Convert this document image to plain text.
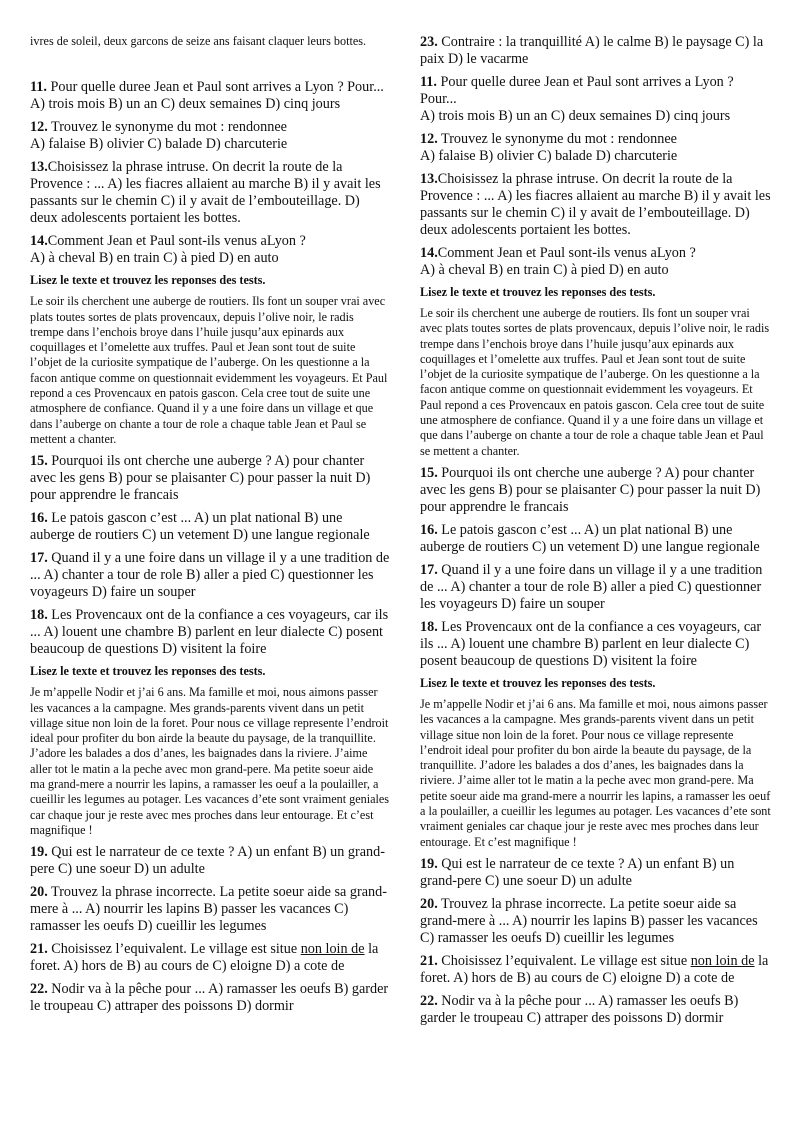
ivres de soleil, deux garcons de seize ans faisant claquer leurs bottes.

11. Pour quelle duree Jean et Paul sont arrives a Lyon ? Pour...
A) trois mois B) un an C) deux semaines D) cinq jours

12. Trouvez le synonyme du mot : rendonnee
A) falaise B) olivier C) balade D) charcuterie

13.Choisissez la phrase intruse. On decrit la route de la Provence : ... A) les fiacres allaient au marche B) il y avait les passants sur le chemin C) il y avait de l’embouteillage. D) deux adolescents portaient les bottes.

14.Comment Jean et Paul sont-ils venus aLyon ?
A) à cheval B) en train C) à pied D) en auto

Lisez le texte et trouvez les reponses des tests.

Le soir ils cherchent une auberge de routiers. Ils font un souper vrai avec plats toutes sortes de plats provencaux, depuis l’olive noir, le radis trempe dans l’enchois broye dans l’huile jusqu’aux epinards aux coquillages et l’omelette aux truffes. Paul et Jean sont tout de suite l’objet de la curiosite sympatique de l’auberge. On les questionne a la facon antique comme on questionnait evidemment les voyageurs. Et Paul repond a ces Provencaux en patois gascon. Cela cree tout de suite une atmosphere de confiance. Quand il y a une foire dans un village et que dans l’auberge on chante a tour de role a chaque table Jean et Paul se mettent a chanter.

15. Pourquoi ils ont cherche une auberge ? A) pour chanter avec les gens B) pour se plaisanter C) pour passer la nuit D) pour apprendre le francais

16. Le patois gascon c’est ... A) un plat national B) une auberge de routiers C) un vetement D) une langue regionale

17. Quand il y a une foire dans un village il y a une tradition de ... A) chanter a tour de role B) aller a pied C) questionner les voyageurs D) faire un souper

18. Les Provencaux ont de la confiance a ces voyageurs, car ils ... A) louent une chambre B) parlent en leur dialecte C) posent beaucoup de questions D) visitent la foire

Lisez le texte et trouvez les reponses des tests.

Je m’appelle Nodir et j’ai 6 ans. Ma famille et moi, nous aimons passer les vacances a la campagne. Mes grands-parents vivent dans un petit village situe non loin de la foret. Pour nous ce village represente l’endroit ideal pour profiter du bon airde la beaute du paysage, de la tranquillite. J’adore les balades a dos d’anes, les baignades dans la riviere. J’aime aller tot le matin a la peche avec mon grand-pere. Ma petite soeur aide ma grand-mere a nourrir les lapins, a ramasser les oeuf a la poulailler, a cueillir les legumes au potager. Les vacances d’ete sont vraiment geniales car chaque jour je reste avec mes proches dans leur entourage. Et c’est magnifique !

19. Qui est le narrateur de ce texte ? A) un enfant B) un grand-pere C) une soeur D) un adulte

20. Trouvez la phrase incorrecte. La petite soeur aide sa grand-mere à ... A) nourrir les lapins B) passer les vacances C) ramasser les oeufs D) cueillir les legumes

21. Choisissez l’equivalent. Le village est situe non loin de la foret. A) hors de B) au cours de C) eloigne D) a cote de

22. Nodir va à la pêche pour ... A) ramasser les oeufs B) garder le troupeau C) attraper des poissons D) dormir

23. Contraire : la tranquillité A) le calme B) le paysage C) la paix D) le vacarme

11. Pour quelle duree Jean et Paul sont arrives a Lyon ? Pour...
A) trois mois B) un an C) deux semaines D) cinq jours

12. Trouvez le synonyme du mot : rendonnee
A) falaise B) olivier C) balade D) charcuterie

13.Choisissez la phrase intruse. On decrit la route de la Provence : ... A) les fiacres allaient au marche B) il y avait les passants sur le chemin C) il y avait de l’embouteillage. D) deux adolescents portaient les bottes.

14.Comment Jean et Paul sont-ils venus aLyon ?
A) à cheval B) en train C) à pied D) en auto

Lisez le texte et trouvez les reponses des tests.

Le soir ils cherchent une auberge de routiers. Ils font un souper vrai avec plats toutes sortes de plats provencaux, depuis l’olive noir, le radis trempe dans l’enchois broye dans l’huile jusqu’aux epinards aux coquillages et l’omelette aux truffes. Paul et Jean sont tout de suite l’objet de la curiosite sympatique de l’auberge. On les questionne a la facon antique comme on questionnait evidemment les voyageurs. Et Paul repond a ces Provencaux en patois gascon. Cela cree tout de suite une atmosphere de confiance. Quand il y a une foire dans un village et que dans l’auberge on chante a tour de role a chaque table Jean et Paul se mettent a chanter.

15. Pourquoi ils ont cherche une auberge ? A) pour chanter avec les gens B) pour se plaisanter C) pour passer la nuit D) pour apprendre le francais

16. Le patois gascon c’est ... A) un plat national B) une auberge de routiers C) un vetement D) une langue regionale

17. Quand il y a une foire dans un village il y a une tradition de ... A) chanter a tour de role B) aller a pied C) questionner les voyageurs D) faire un souper

18. Les Provencaux ont de la confiance a ces voyageurs, car ils ... A) louent une chambre B) parlent en leur dialecte C) posent beaucoup de questions D) visitent la foire

Lisez le texte et trouvez les reponses des tests.

Je m’appelle Nodir et j’ai 6 ans. Ma famille et moi, nous aimons passer les vacances a la campagne. Mes grands-parents vivent dans un petit village situe non loin de la foret. Pour nous ce village represente l’endroit ideal pour profiter du bon airde la beaute du paysage, de la tranquillite. J’adore les balades a dos d’anes, les baignades dans la riviere. J’aime aller tot le matin a la peche avec mon grand-pere. Ma petite soeur aide ma grand-mere a nourrir les lapins, a ramasser les oeuf a la poulailler, a cueillir les legumes au potager. Les vacances d’ete sont vraiment geniales car chaque jour je reste avec mes proches dans leur entourage. Et c’est magnifique !

19. Qui est le narrateur de ce texte ? A) un enfant B) un grand-pere C) une soeur D) un adulte

20. Trouvez la phrase incorrecte. La petite soeur aide sa grand-mere à ... A) nourrir les lapins B) passer les vacances C) ramasser les oeufs D) cueillir les legumes

21. Choisissez l’equivalent. Le village est situe non loin de la foret. A) hors de B) au cours de C) eloigne D) a cote de

22. Nodir va à la pêche pour ... A) ramasser les oeufs B) garder le troupeau C) attraper des poissons D) dormir
